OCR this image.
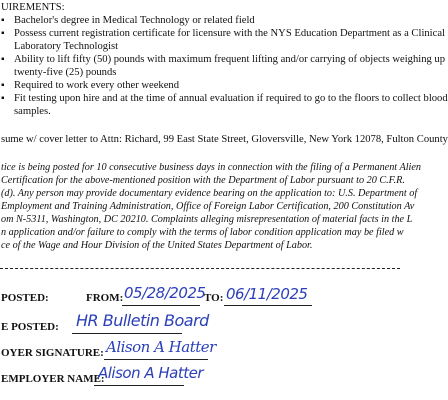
UIREMENTS:
▪ Bachelor's degree in Medical Technology or related field
▪ Possess current registration certificate for licensure with the NYS Education Department as a Clinical
Laboratory Technologist
▪ Ability to lift fifty (50) pounds with maximum frequent lifting and/or carrying of objects weighing up
twenty-five (25) pounds
▪ Required to work every other weekend
▪ Fit testing upon hire and at the time of annual evaluation if required to go to the floors to collect blood
samples.
sume w/ cover letter to Attn: Richard, 99 East State Street, Gloversville, New York 12078, Fulton County
tice is being posted for 10 consecutive business days in connection with the filing of a Permanent Alien
Certification for the above-mentioned position with the Department of Labor pursuant to 20 C.F.R.
(d). Any person may provide documentary evidence bearing on the application to: U.S. Department of
Employment and Training Administration, Office of Foreign Labor Certification, 200 Constitution Av
om N-5311, Washington, DC 20210. Complaints alleging misrepresentation of material facts in the L
n application and/or failure to comply with the terms of labor condition application may be filed w
ce of the Wage and Hour Division of the United States Department of Labor.
POSTED:	FROM: 05/28/2025
TO: 06/11/2025
E POSTED: HR Bulletin Board
OYER SIGNATURE: Alison A Hatter
EMPLOYER NAME:
Alison A Hatter
